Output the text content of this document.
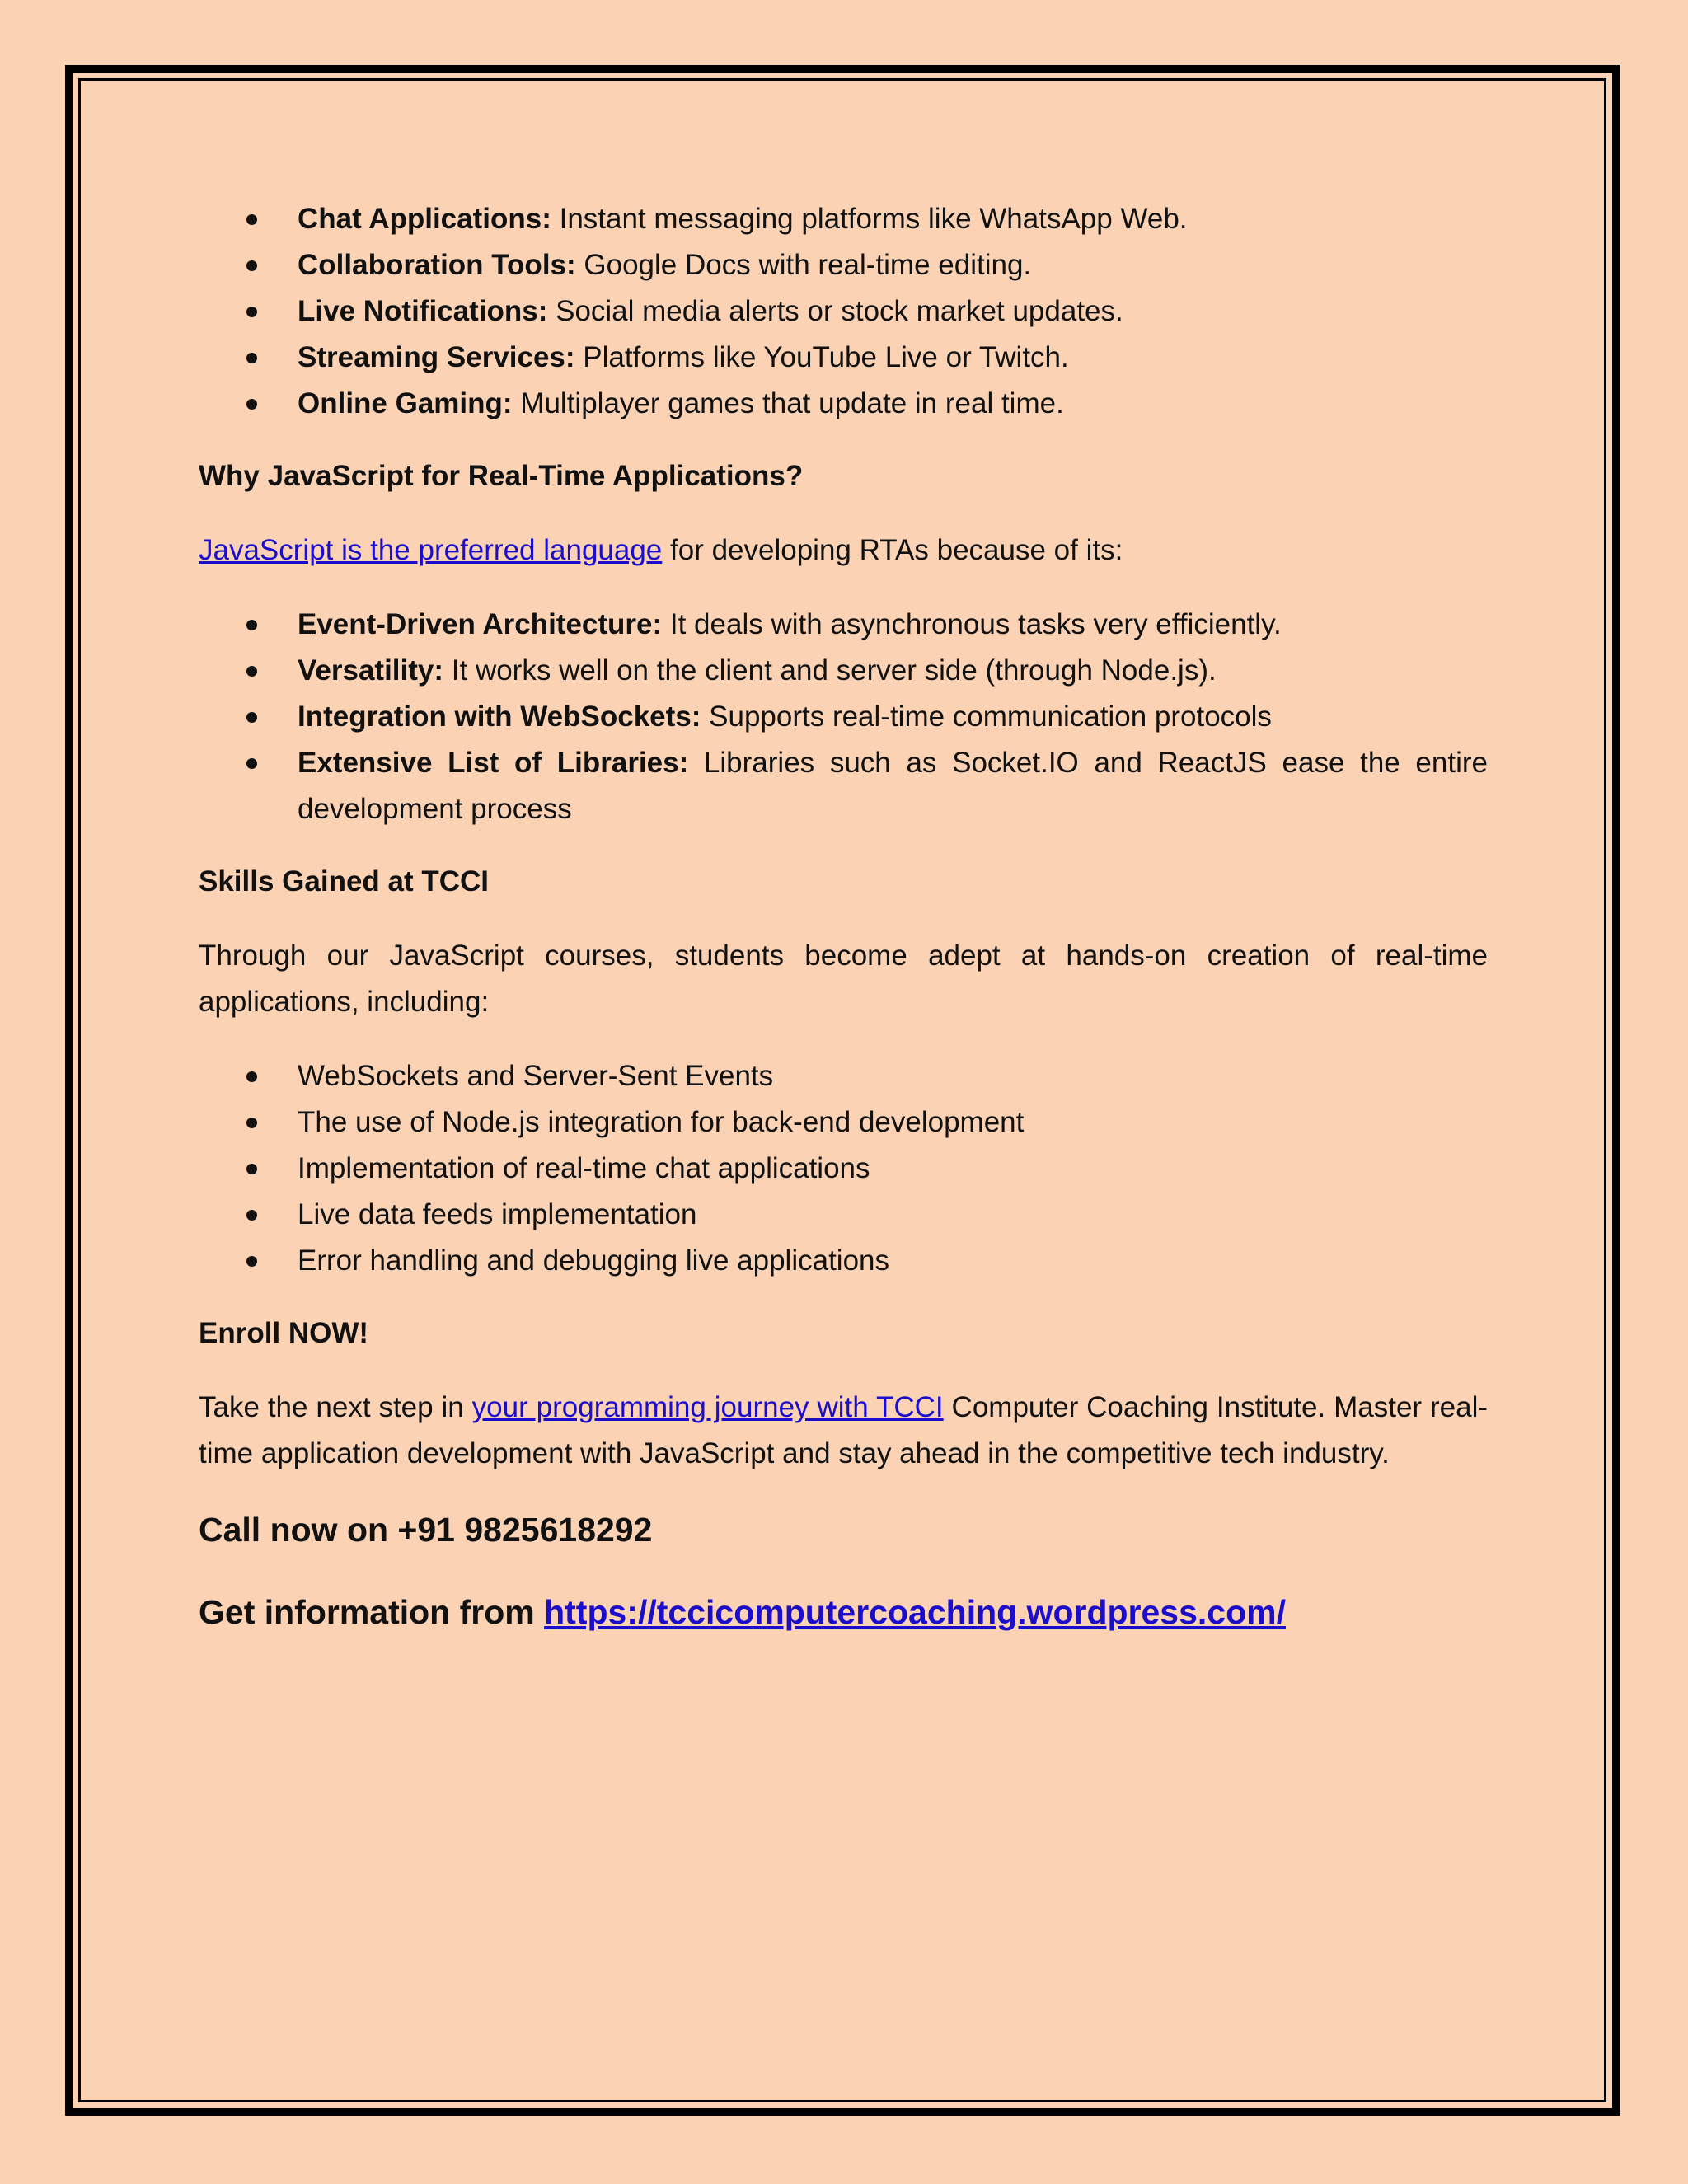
Chat Applications: Instant messaging platforms like WhatsApp Web.
Collaboration Tools: Google Docs with real-time editing.
Live Notifications: Social media alerts or stock market updates.
Streaming Services: Platforms like YouTube Live or Twitch.
Online Gaming: Multiplayer games that update in real time.
Why JavaScript for Real-Time Applications?

JavaScript is the preferred language for developing RTAs because of its:

Event-Driven Architecture: It deals with asynchronous tasks very efficiently.
Versatility: It works well on the client and server side (through Node.js).
Integration with WebSockets: Supports real-time communication protocols
Extensive List of Libraries: Libraries such as Socket.IO and ReactJS ease the entire development process
Skills Gained at TCCI

Through our JavaScript courses, students become adept at hands-on creation of real-time applications, including:

WebSockets and Server-Sent Events
The use of Node.js integration for back-end development
Implementation of real-time chat applications
Live data feeds implementation
Error handling and debugging live applications
Enroll NOW!

Take the next step in your programming journey with TCCI Computer Coaching Institute. Master real-time application development with JavaScript and stay ahead in the competitive tech industry.

Call now on +91 9825618292
Get information from https://tccicomputercoaching.wordpress.com/
